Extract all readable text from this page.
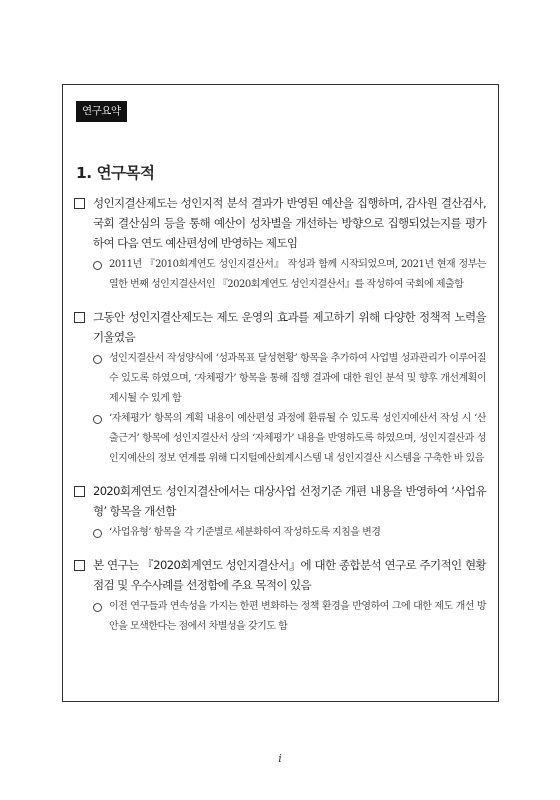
연구요약
1. 연구목적
성인지결산제도는 성인지적 분석 결과가 반영된 예산을 집행하며, 감사원 결산검사, 국회 결산심의 등을 통해 예산이 성차별을 개선하는 방향으로 집행되었는지를 평가하여 다음 연도 예산편성에 반영하는 제도임
2011년 『2010회계연도 성인지결산서』 작성과 함께 시작되었으며, 2021년 현재 정부는 열한 번째 성인지결산서인 『2020회계연도 성인지결산서』를 작성하여 국회에 제출함
그동안 성인지결산제도는 제도 운영의 효과를 제고하기 위해 다양한 정책적 노력을 기울였음
성인지결산서 작성양식에 ‘성과목표 달성현황’ 항목을 추가하여 사업별 성과관리가 이루어질 수 있도록 하였으며, ‘자체평가’ 항목을 통해 집행 결과에 대한 원인 분석 및 향후 개선계획이 제시될 수 있게 함
‘자체평가’ 항목의 계획 내용이 예산편성 과정에 환류될 수 있도록 성인지예산서 작성 시 ‘산출근거’ 항목에 성인지결산서 상의 ‘자체평가’ 내용을 반영하도록 하였으며, 성인지결산과 성인지예산의 정보 연계를 위해 디지털예산회계시스템 내 성인지결산 시스템을 구축한 바 있음
2020회계연도 성인지결산에서는 대상사업 선정기준 개편 내용을 반영하여 ‘사업유형’ 항목을 개선함
‘사업유형’ 항목을 각 기준별로 세분화하여 작성하도록 지침을 변경
본 연구는 『2020회계연도 성인지결산서』에 대한 종합분석 연구로 주기적인 현황 점검 및 우수사례를 선정함에 주요 목적이 있음
이전 연구들과 연속성을 가지는 한편 변화하는 정책 환경을 반영하여 그에 대한 제도 개선 방안을 모색한다는 점에서 차별성을 갖기도 함
i
